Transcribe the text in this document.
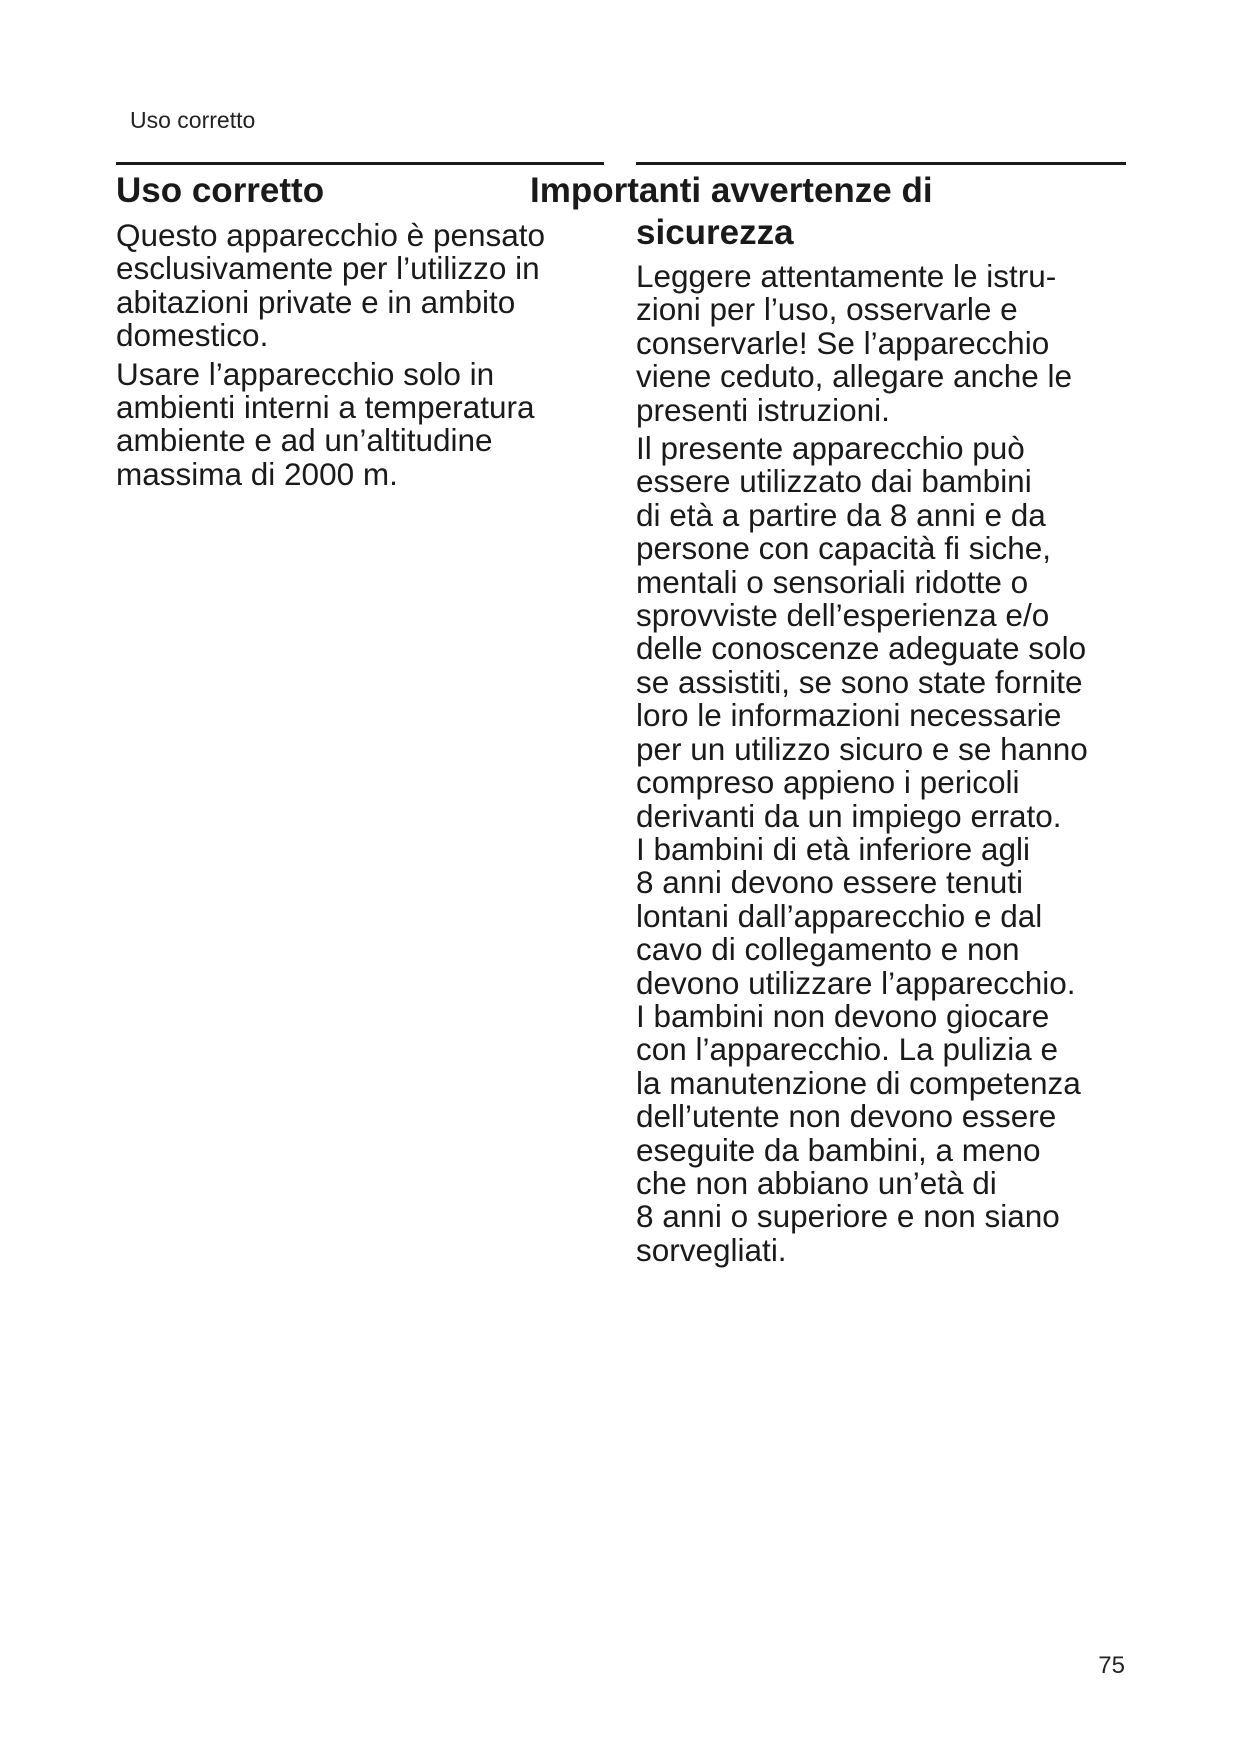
Uso corretto
Uso corretto	Importanti avvertenze di
sicurezza

Questo apparecchio è pensato
esclusivamente per l’utilizzo in
abitazioni private e in ambito
domestico.

Usare l’apparecchio solo in
ambienti interni a temperatura
ambiente e ad un’altitudine
massima di 2000 m.

Leggere attentamente le istru-
zioni per l’uso, osservarle e
conservarle! Se l’apparecchio
viene ceduto, allegare anche le
presenti istruzioni.

Il presente apparecchio può
essere utilizzato dai bambini
di età a partire da 8 anni e da
persone con capacità fi siche,
mentali o sensoriali ridotte o
sprovviste dell’esperienza e/o
delle conoscenze adeguate solo
se assistiti, se sono state fornite
loro le informazioni necessarie
per un utilizzo sicuro e se hanno
compreso appieno i pericoli
derivanti da un impiego errato.
I bambini di età inferiore agli
8 anni devono essere tenuti
lontani dall’apparecchio e dal
cavo di collegamento e non
devono utilizzare l’apparecchio.
I bambini non devono giocare
con l’apparecchio. La pulizia e
la manutenzione di competenza
dell’utente non devono essere
eseguite da bambini, a meno
che non abbiano un’età di
8 anni o superiore e non siano
sorvegliati.

75
